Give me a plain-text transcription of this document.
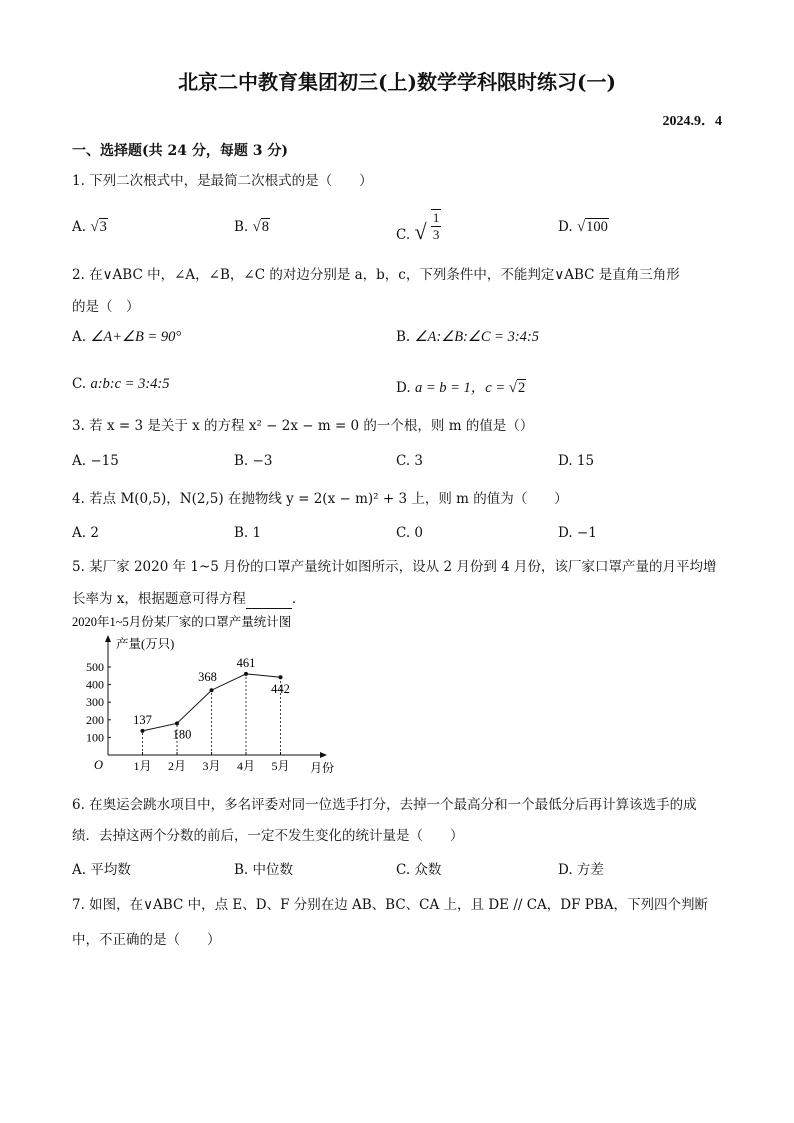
北京二中教育集团初三(上)数学学科限时练习(一)
2024.9．4
一、选择题(共 24 分，每题 3 分)
1. 下列二次根式中，是最简二次根式的是（　　）
A. √3	B. √8	C. √ $\frac{1}{3}$	D. √100
2. 在∨ABC 中，∠A，∠B，∠C 的对边分别是 a，b，c，下列条件中，不能判定∨ABC 是直角三角形
的是（　）
A. ∠A+∠B = 90°	B. ∠A:∠B:∠C = 3:4:5
C. a:b:c = 3:4:5	D. a = b = 1，c = √2
3. 若 x = 3 是关于 x 的方程 x² − 2x − m = 0 的一个根，则 m 的值是（）
A. −15	B. −3	C. 3	D. 15
4. 若点 M(0,5)，N(2,5) 在抛物线 y = 2(x − m)² + 3 上，则 m 的值为（　　）
A. 2	B. 1	C. 0	D. −1
5. 某厂家 2020 年 1~5 月份的口罩产量统计如图所示，设从 2 月份到 4 月份，该厂家口罩产量的月平均增
长率为 x，根据题意可得方程	．
2020年1~5月份某厂家的口罩产量统计图
产量(万只)
O
100
200
300
400
500
1月 2月 3月 4月 5月 月份
137
180
368
461
442
6. 在奥运会跳水项目中，多名评委对同一位选手打分，去掉一个最高分和一个最低分后再计算该选手的成
绩．去掉这两个分数的前后，一定不发生变化的统计量是（　　）
A. 平均数	B. 中位数	C. 众数	D. 方差
7. 如图，在∨ABC 中，点 E、D、F 分别在边 AB、BC、CA 上，且 DE // CA，DF PBA，下列四个判断
中，不正确的是（　　）
